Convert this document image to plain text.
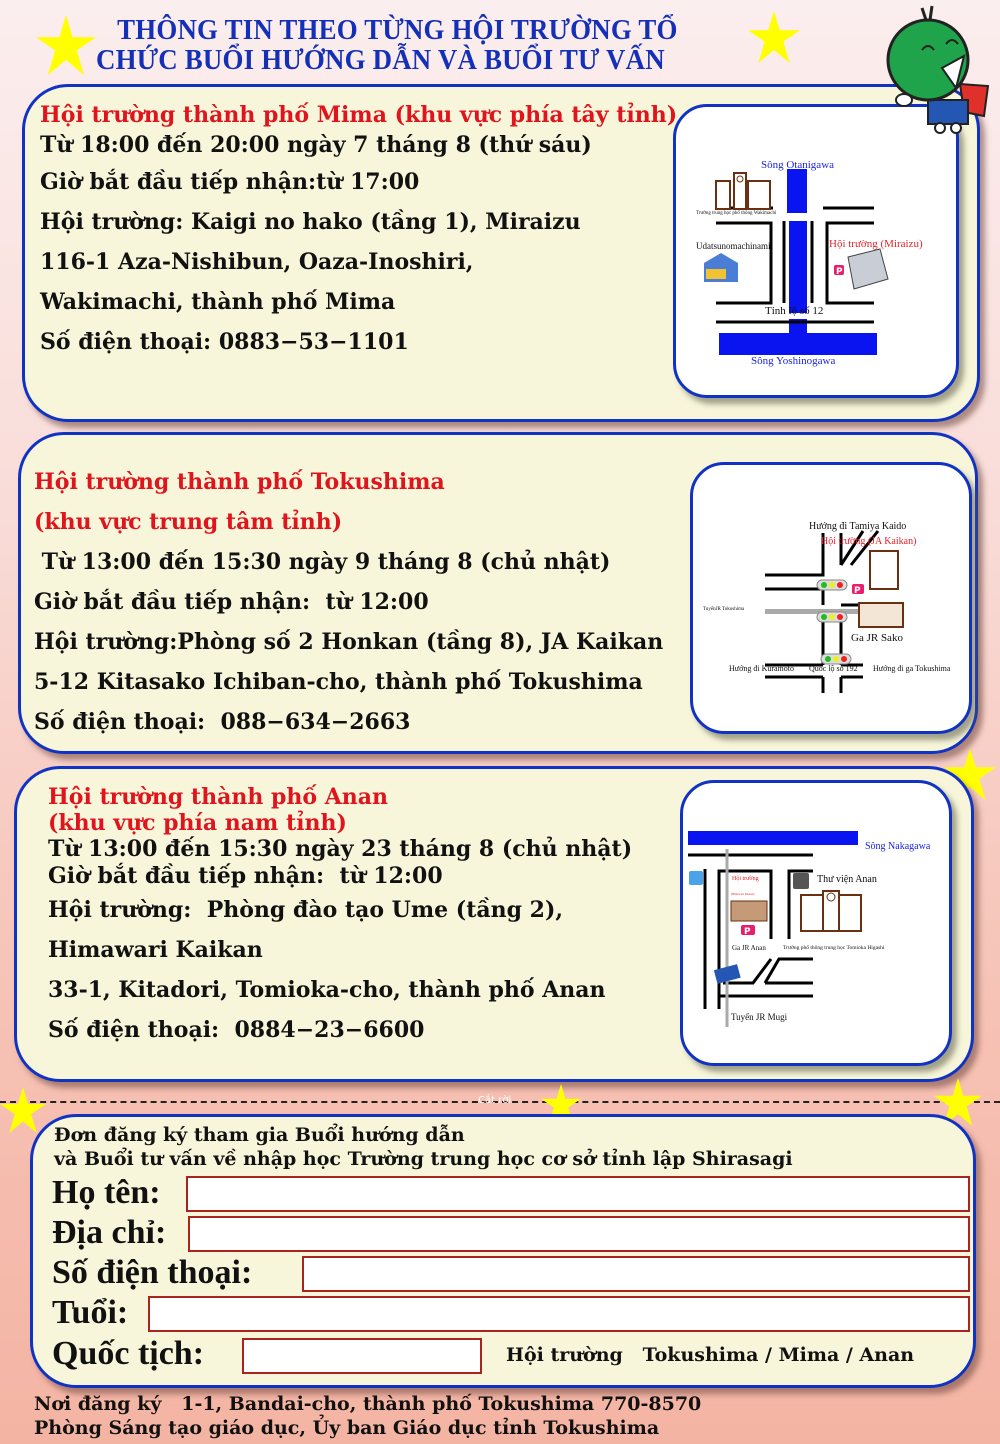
THÔNG TIN THEO TỪNG HỘI TRƯỜNG TỔ
CHỨC BUỔI HƯỚNG DẪN VÀ BUỔI TƯ VẤN
Hội trường thành phố Mima (khu vực phía tây tỉnh)
Từ 18:00 đến 20:00 ngày 7 tháng 8 (thứ sáu)
Giờ bắt đầu tiếp nhận:từ 17:00
Hội trường: Kaigi no hako (tầng 1), Miraizu
116-1 Aza-Nishibun, Oaza-Inoshiri,
Wakimachi, thành phố Mima
Số điện thoại: 0883−53−1101
P
Sông Otanigawa
Trường trung học phổ thông Wakimachi
Udatsunomachinami	Hội trường (Miraizu)
Tỉnh lộ số 12
Sông Yoshinogawa
Hội trường thành phố Tokushima
(khu vực trung tâm tỉnh)
Từ 13:00 đến 15:30 ngày 9 tháng 8 (chủ nhật)
Giờ bắt đầu tiếp nhận:  từ 12:00
Hội trường:Phòng số 2 Honkan (tầng 8), JA Kaikan
5-12 Kitasako Ichiban-cho, thành phố Tokushima
Số điện thoại:  088−634−2663
P
Hướng đi Tamiya Kaido
Hội trường (JA Kaikan)
TuyếnJR Tokushima
Ga JR Sako
Hướng đi Kuramoto Quốc lộ số 192 Hướng đi ga Tokushima
Hội trường thành phố Anan
(khu vực phía nam tỉnh)
Từ 13:00 đến 15:30 ngày 23 tháng 8 (chủ nhật)
Giờ bắt đầu tiếp nhận:  từ 12:00
Hội trường:  Phòng đào tạo Ume (tầng 2),
Himawari Kaikan
33-1, Kitadori, Tomioka-cho, thành phố Anan
Số điện thoại:  0884−23−6600
P
Sông Nakagawa
Hội trường
(Himawari Kaikan)
Thư viện Anan
Ga JR Anan	Trường phổ thông trung học Tomioka Higashi
Tuyến JR Mugi
Cắt rời
Đơn đăng ký tham gia Buổi hướng dẫn
và Buổi tư vấn về nhập học Trường trung học cơ sở tỉnh lập Shirasagi
Họ tên:
Địa chỉ:
Số điện thoại:
Tuổi:
Quốc tịch:	Hội trường   Tokushima / Mima / Anan
Nơi đăng ký   1-1, Bandai-cho, thành phố Tokushima 770-8570
Phòng Sáng tạo giáo dục, Ủy ban Giáo dục tỉnh Tokushima
